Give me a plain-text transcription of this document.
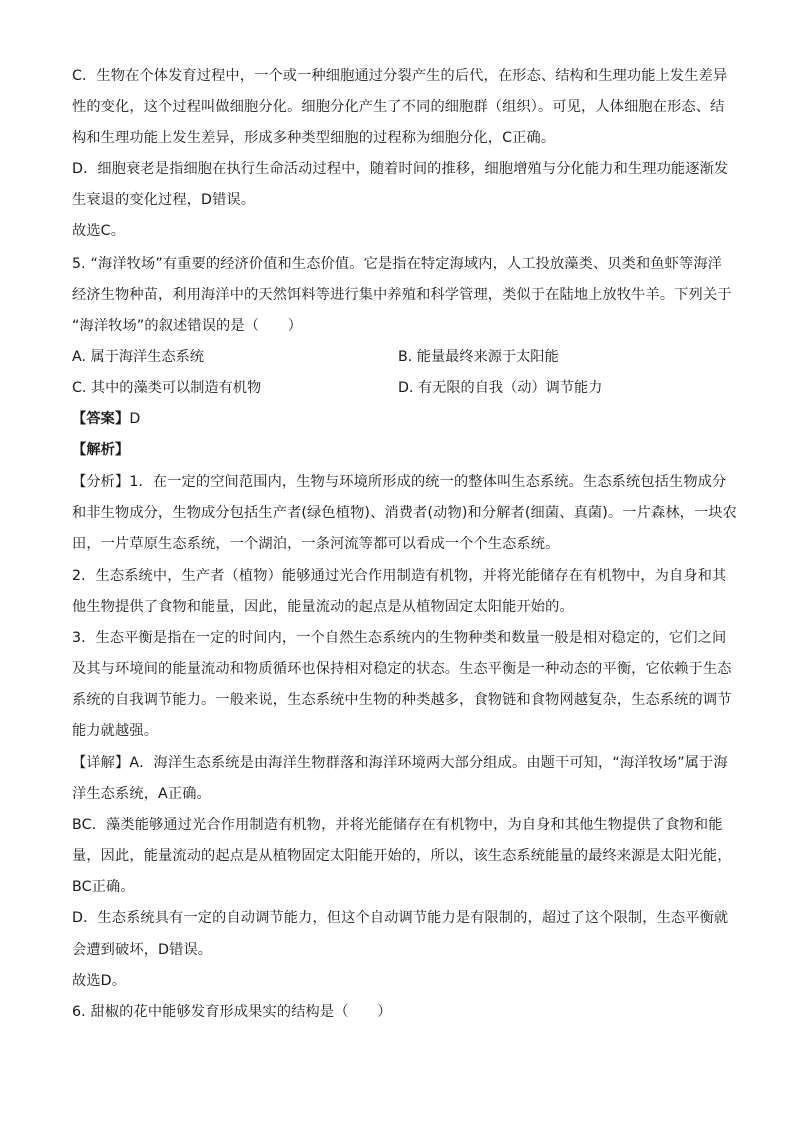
C．生物在个体发育过程中，一个或一种细胞通过分裂产生的后代，在形态、结构和生理功能上发生差异
性的变化，这个过程叫做细胞分化。细胞分化产生了不同的细胞群（组织）。可见，人体细胞在形态、结
构和生理功能上发生差异，形成多种类型细胞的过程称为细胞分化，C正确。
D．细胞衰老是指细胞在执行生命活动过程中，随着时间的推移，细胞增殖与分化能力和生理功能逐渐发
生衰退的变化过程，D错误。
故选C。
5. “海洋牧场”有重要的经济价值和生态价值。它是指在特定海域内，人工投放藻类、贝类和鱼虾等海洋
经济生物种苗，利用海洋中的天然饵料等进行集中养殖和科学管理，类似于在陆地上放牧牛羊。下列关于
“海洋牧场”的叙述错误的是（　　）
A. 属于海洋生态系统	B. 能量最终来源于太阳能
C. 其中的藻类可以制造有机物	D. 有无限的自我（动）调节能力
【答案】D
【解析】
【分析】1．在一定的空间范围内，生物与环境所形成的统一的整体叫生态系统。生态系统包括生物成分
和非生物成分，生物成分包括生产者(绿色植物)、消费者(动物)和分解者(细菌、真菌)。一片森林，一块农
田，一片草原生态系统，一个湖泊，一条河流等都可以看成一个个生态系统。
2．生态系统中，生产者（植物）能够通过光合作用制造有机物，并将光能储存在有机物中，为自身和其
他生物提供了食物和能量，因此，能量流动的起点是从植物固定太阳能开始的。
3．生态平衡是指在一定的时间内，一个自然生态系统内的生物种类和数量一般是相对稳定的，它们之间
及其与环境间的能量流动和物质循环也保持相对稳定的状态。生态平衡是一种动态的平衡，它依赖于生态
系统的自我调节能力。一般来说，生态系统中生物的种类越多，食物链和食物网越复杂，生态系统的调节
能力就越强。
【详解】A．海洋生态系统是由海洋生物群落和海洋环境两大部分组成。由题干可知，“海洋牧场”属于海
洋生态系统，A正确。
BC．藻类能够通过光合作用制造有机物，并将光能储存在有机物中，为自身和其他生物提供了食物和能
量，因此，能量流动的起点是从植物固定太阳能开始的，所以，该生态系统能量的最终来源是太阳光能，
BC正确。
D．生态系统具有一定的自动调节能力，但这个自动调节能力是有限制的，超过了这个限制，生态平衡就
会遭到破坏，D错误。
故选D。
6. 甜椒的花中能够发育形成果实的结构是（　　）
